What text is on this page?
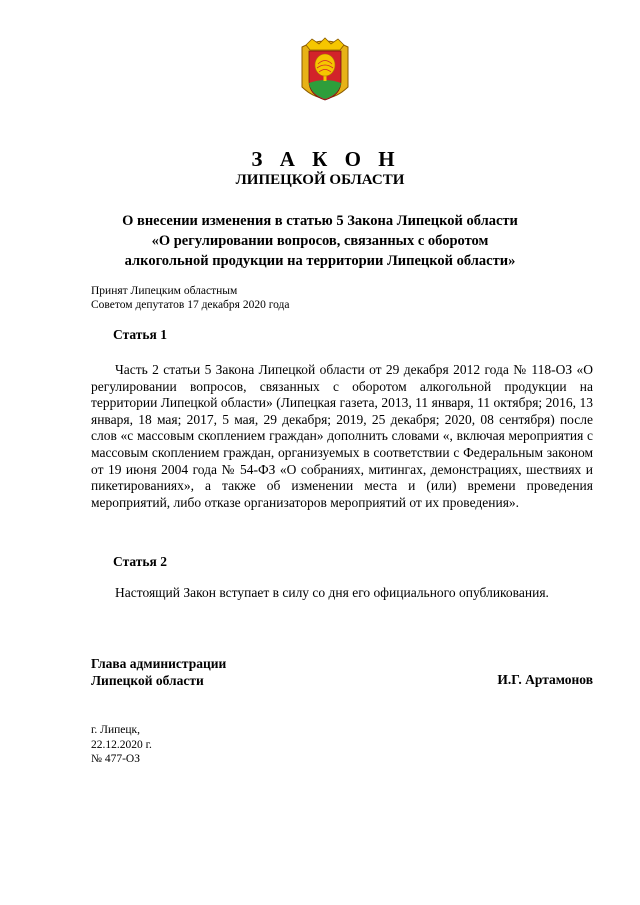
З А К О Н
ЛИПЕЦКОЙ ОБЛАСТИ
О внесении изменения в статью 5 Закона Липецкой области
«О регулировании вопросов, связанных с оборотом
алкогольной продукции на территории Липецкой области»
Принят Липецким областным
Советом депутатов 17 декабря 2020 года
Статья 1
Часть 2 статьи 5 Закона Липецкой области от 29 декабря 2012 года № 118-ОЗ «О регулировании вопросов, связанных с оборотом алкогольной продукции на территории Липецкой области» (Липецкая газета, 2013, 11 января, 11 октября; 2016, 13 января, 18 мая; 2017, 5 мая, 29 декабря; 2019, 25 декабря; 2020, 08 сентября) после слов «с массовым скоплением граждан» дополнить словами «, включая мероприятия с массовым скоплением граждан, организуемых в соответствии с Федеральным законом от 19 июня 2004 года № 54-ФЗ «О собраниях, митингах, демонстрациях, шествиях и пикетированиях», а также об изменении места и (или) времени проведения мероприятий, либо отказе организаторов мероприятий от их проведения».
Статья 2
Настоящий Закон вступает в силу со дня его официального опубликования.
Глава администрации
Липецкой области	И.Г. Артамонов
г. Липецк,
22.12.2020 г.
№ 477-ОЗ
